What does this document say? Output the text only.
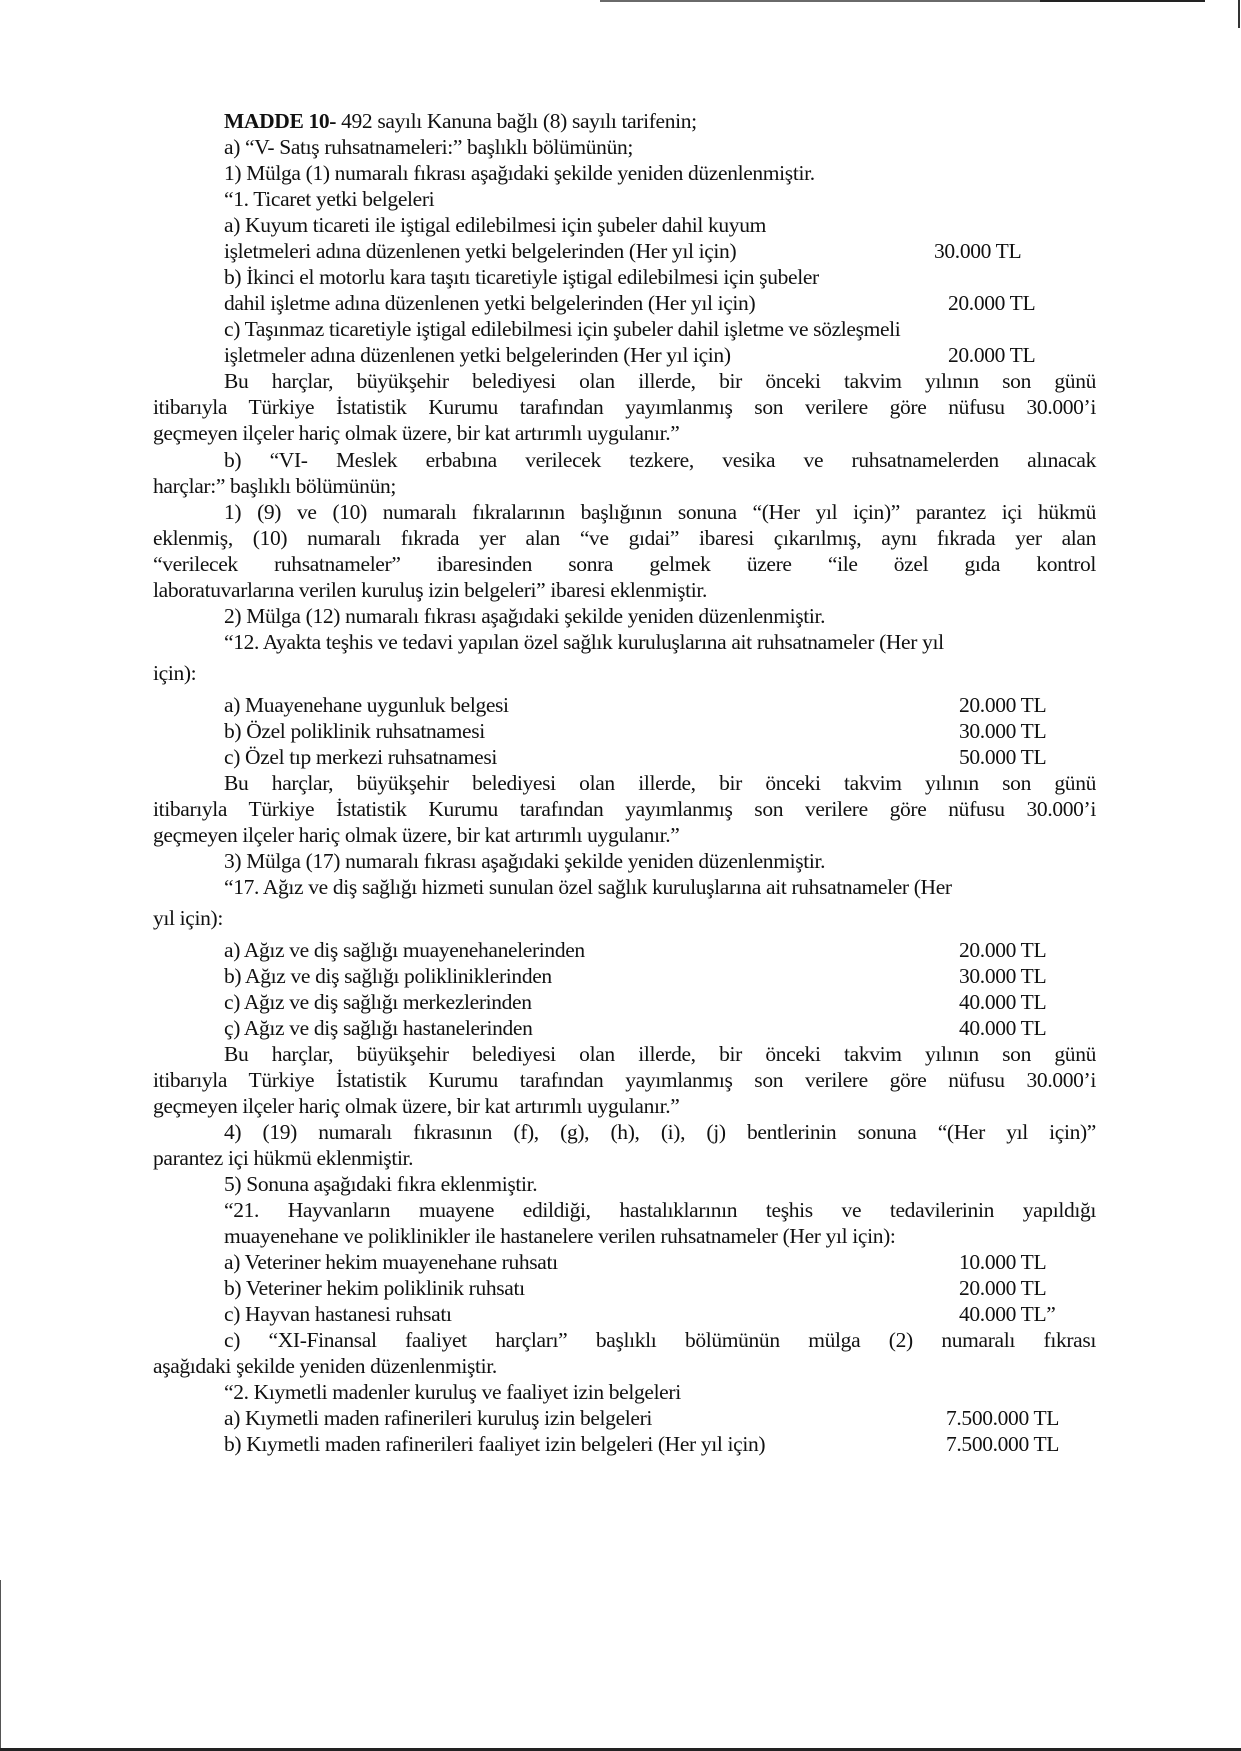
MADDE 10- 492 sayılı Kanuna bağlı (8) sayılı tarifenin;
a) “V- Satış ruhsatnameleri:” başlıklı bölümünün;
1) Mülga (1) numaralı fıkrası aşağıdaki şekilde yeniden düzenlenmiştir.
“1. Ticaret yetki belgeleri
a) Kuyum ticareti ile iştigal edilebilmesi için şubeler dahil kuyum
işletmeleri adına düzenlenen yetki belgelerinden (Her yıl için)	30.000 TL
b) İkinci el motorlu kara taşıtı ticaretiyle iştigal edilebilmesi için şubeler
dahil işletme adına düzenlenen yetki belgelerinden (Her yıl için)	20.000 TL
c) Taşınmaz ticaretiyle iştigal edilebilmesi için şubeler dahil işletme ve sözleşmeli
işletmeler adına düzenlenen yetki belgelerinden (Her yıl için)	20.000 TL
Bu harçlar, büyükşehir belediyesi olan illerde, bir önceki takvim yılının son günü
itibarıyla Türkiye İstatistik Kurumu tarafından yayımlanmış son verilere göre nüfusu 30.000’i
geçmeyen ilçeler hariç olmak üzere, bir kat artırımlı uygulanır.”
b) “VI- Meslek erbabına verilecek tezkere, vesika ve ruhsatnamelerden alınacak
harçlar:” başlıklı bölümünün;
1) (9) ve (10) numaralı fıkralarının başlığının sonuna “(Her yıl için)” parantez içi hükmü
eklenmiş, (10) numaralı fıkrada yer alan “ve gıdai” ibaresi çıkarılmış, aynı fıkrada yer alan
“verilecek ruhsatnameler” ibaresinden sonra gelmek üzere “ile özel gıda kontrol
laboratuvarlarına verilen kuruluş izin belgeleri” ibaresi eklenmiştir.
2) Mülga (12) numaralı fıkrası aşağıdaki şekilde yeniden düzenlenmiştir.
“12. Ayakta teşhis ve tedavi yapılan özel sağlık kuruluşlarına ait ruhsatnameler (Her yıl
için):
a) Muayenehane uygunluk belgesi	20.000 TL
b) Özel poliklinik ruhsatnamesi	30.000 TL
c) Özel tıp merkezi ruhsatnamesi	50.000 TL
Bu harçlar, büyükşehir belediyesi olan illerde, bir önceki takvim yılının son günü
itibarıyla Türkiye İstatistik Kurumu tarafından yayımlanmış son verilere göre nüfusu 30.000’i
geçmeyen ilçeler hariç olmak üzere, bir kat artırımlı uygulanır.”
3) Mülga (17) numaralı fıkrası aşağıdaki şekilde yeniden düzenlenmiştir.
“17. Ağız ve diş sağlığı hizmeti sunulan özel sağlık kuruluşlarına ait ruhsatnameler (Her
yıl için):
a) Ağız ve diş sağlığı muayenehanelerinden	20.000 TL
b) Ağız ve diş sağlığı polikliniklerinden	30.000 TL
c) Ağız ve diş sağlığı merkezlerinden	40.000 TL
ç) Ağız ve diş sağlığı hastanelerinden	40.000 TL
Bu harçlar, büyükşehir belediyesi olan illerde, bir önceki takvim yılının son günü
itibarıyla Türkiye İstatistik Kurumu tarafından yayımlanmış son verilere göre nüfusu 30.000’i
geçmeyen ilçeler hariç olmak üzere, bir kat artırımlı uygulanır.”
4) (19) numaralı fıkrasının (f), (g), (h), (i), (j) bentlerinin sonuna “(Her yıl için)”
parantez içi hükmü eklenmiştir.
5) Sonuna aşağıdaki fıkra eklenmiştir.
“21. Hayvanların muayene edildiği, hastalıklarının teşhis ve tedavilerinin yapıldığı
muayenehane ve poliklinikler ile hastanelere verilen ruhsatnameler (Her yıl için):
a) Veteriner hekim muayenehane ruhsatı	10.000 TL
b) Veteriner hekim poliklinik ruhsatı	20.000 TL
c) Hayvan hastanesi ruhsatı	40.000 TL”
c) “XI-Finansal faaliyet harçları” başlıklı bölümünün mülga (2) numaralı fıkrası
aşağıdaki şekilde yeniden düzenlenmiştir.
“2. Kıymetli madenler kuruluş ve faaliyet izin belgeleri
a) Kıymetli maden rafinerileri kuruluş izin belgeleri	7.500.000 TL
b) Kıymetli maden rafinerileri faaliyet izin belgeleri (Her yıl için)	7.500.000 TL
